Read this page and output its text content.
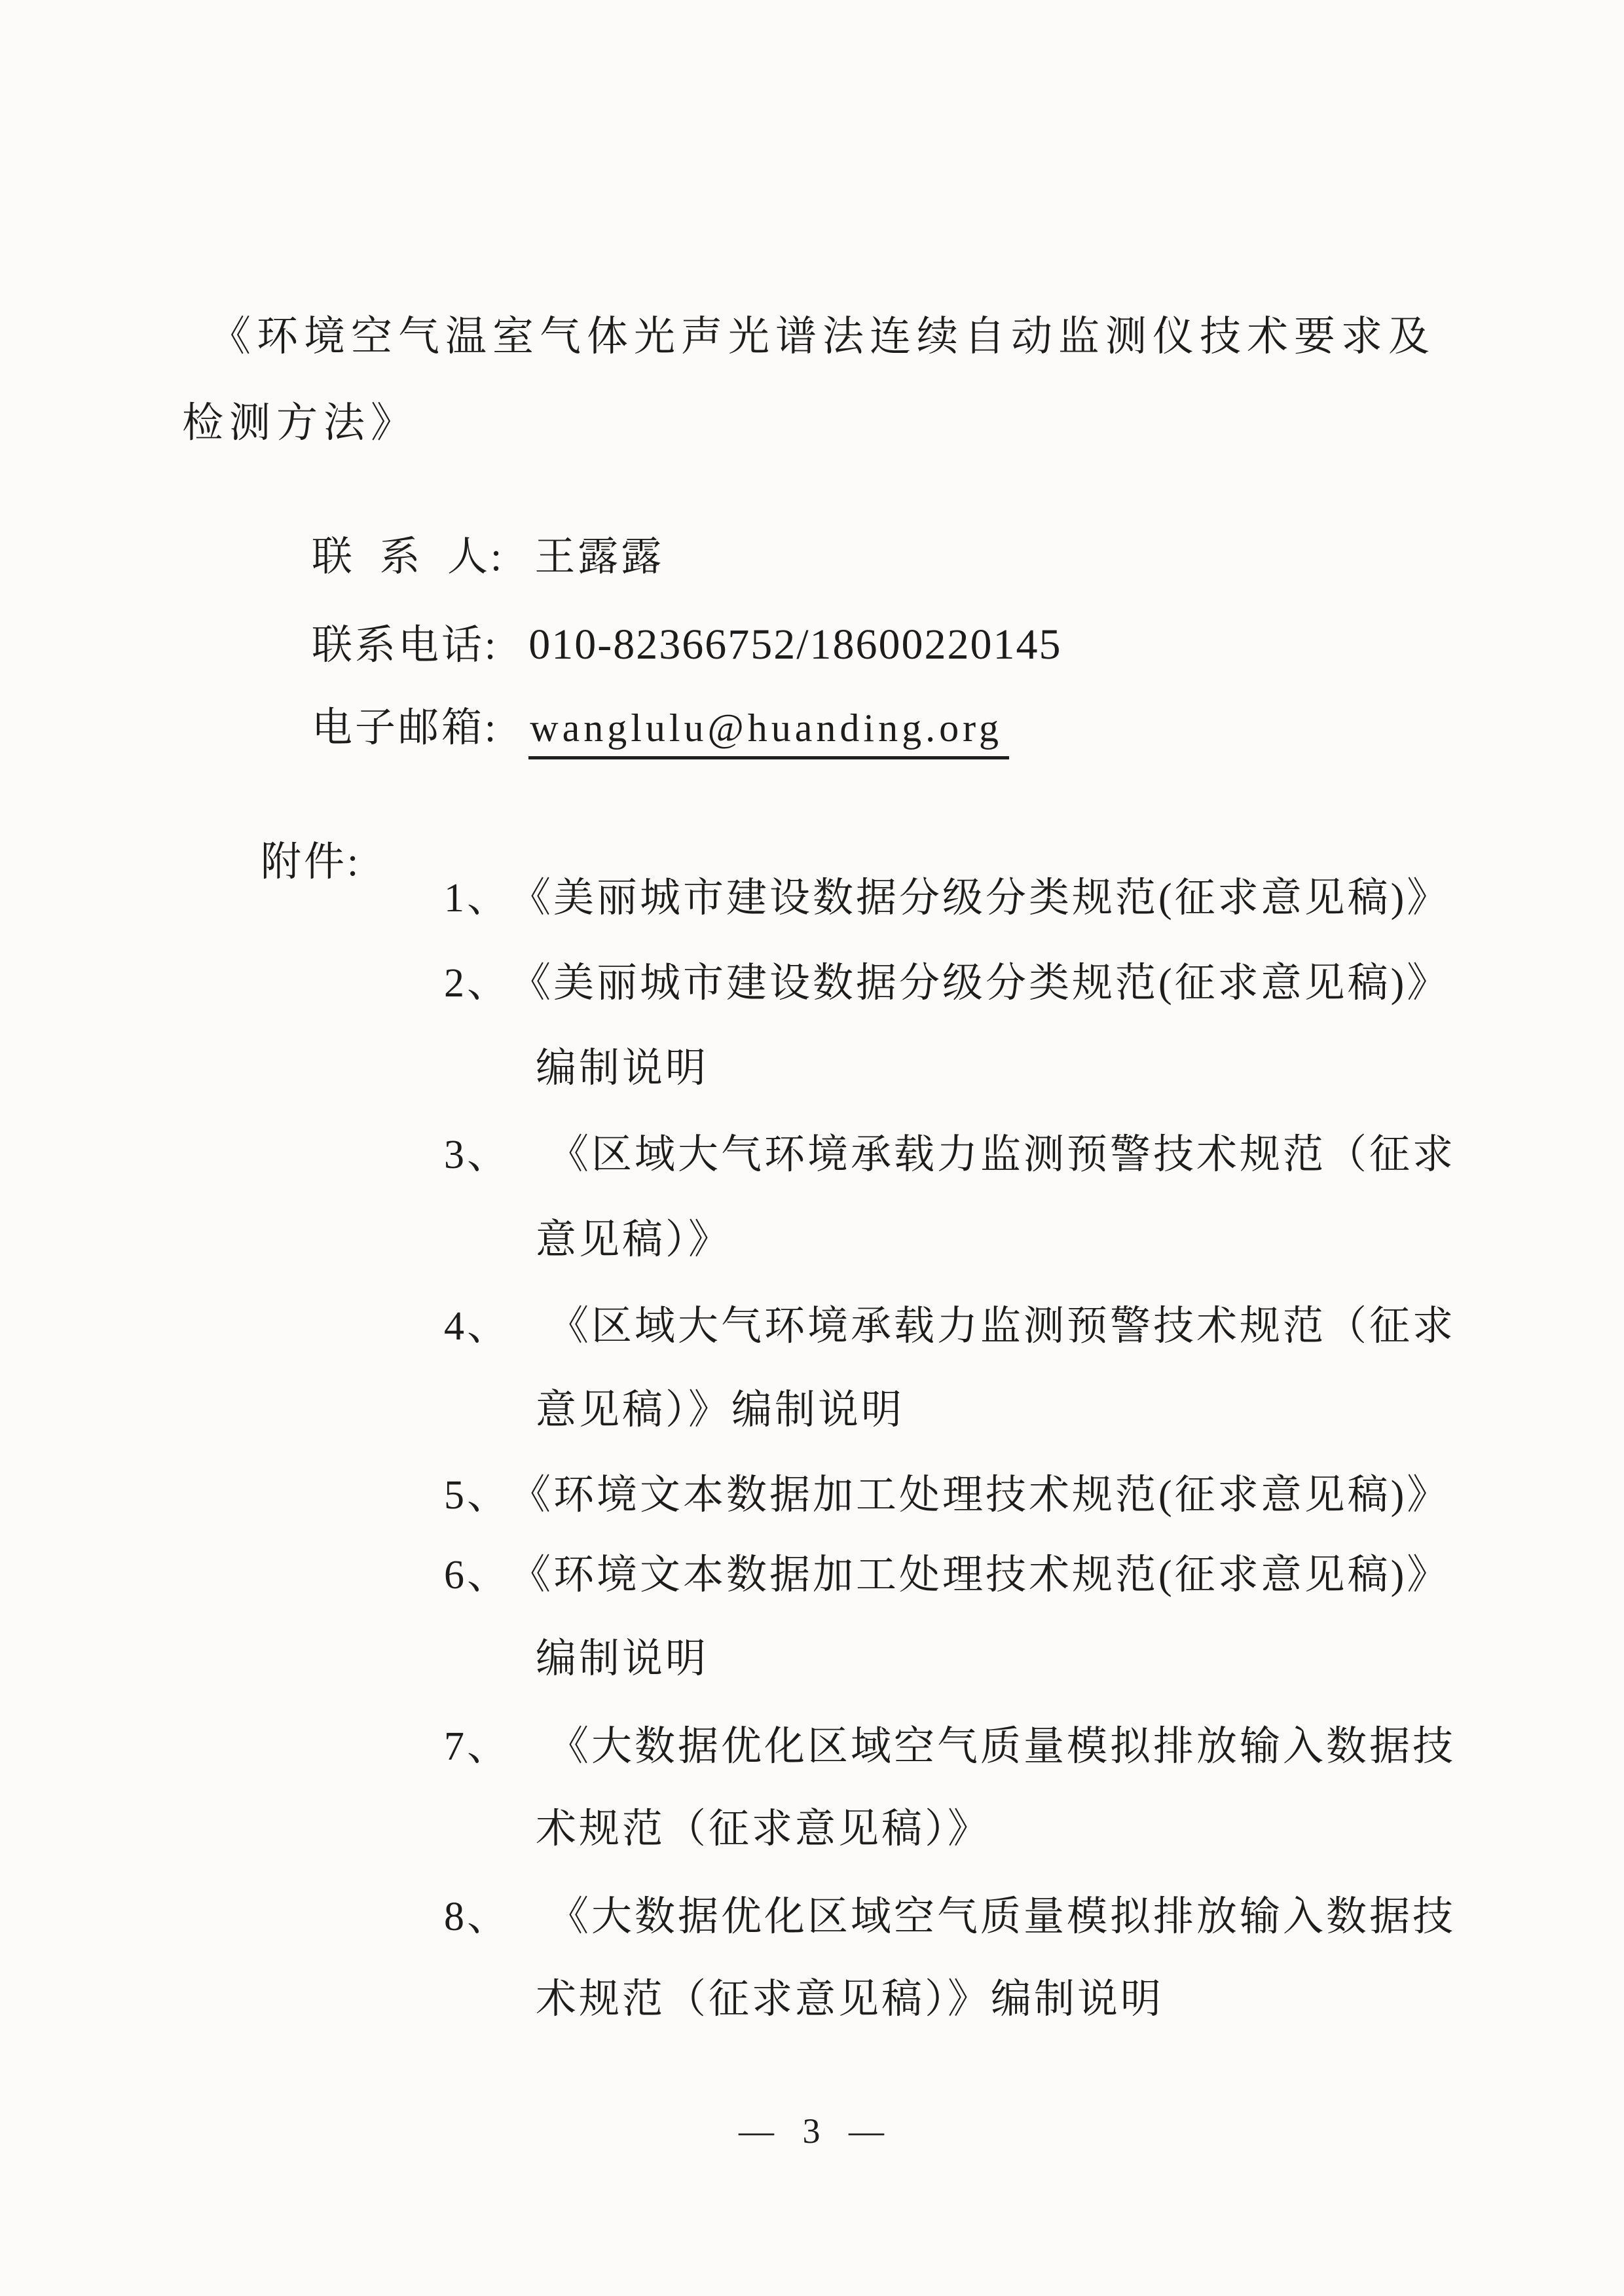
《环境空气温室气体光声光谱法连续自动监测仪技术要求及
检测方法》

联 系 人: 王露露

联系电话: 010-82366752/18600220145

电子邮箱: wanglulu@huanding.org

附件:

1、《美丽城市建设数据分级分类规范(征求意见稿)》

2、《美丽城市建设数据分级分类规范(征求意见稿)》

编制说明

3、 《区域大气环境承载力监测预警技术规范（征求

意见稿）》

4、 《区域大气环境承载力监测预警技术规范（征求

意见稿）》编制说明

5、《环境文本数据加工处理技术规范(征求意见稿)》

6、《环境文本数据加工处理技术规范(征求意见稿)》

编制说明

7、 《大数据优化区域空气质量模拟排放输入数据技

术规范（征求意见稿）》

8、 《大数据优化区域空气质量模拟排放输入数据技

术规范（征求意见稿）》编制说明

— 3 —
